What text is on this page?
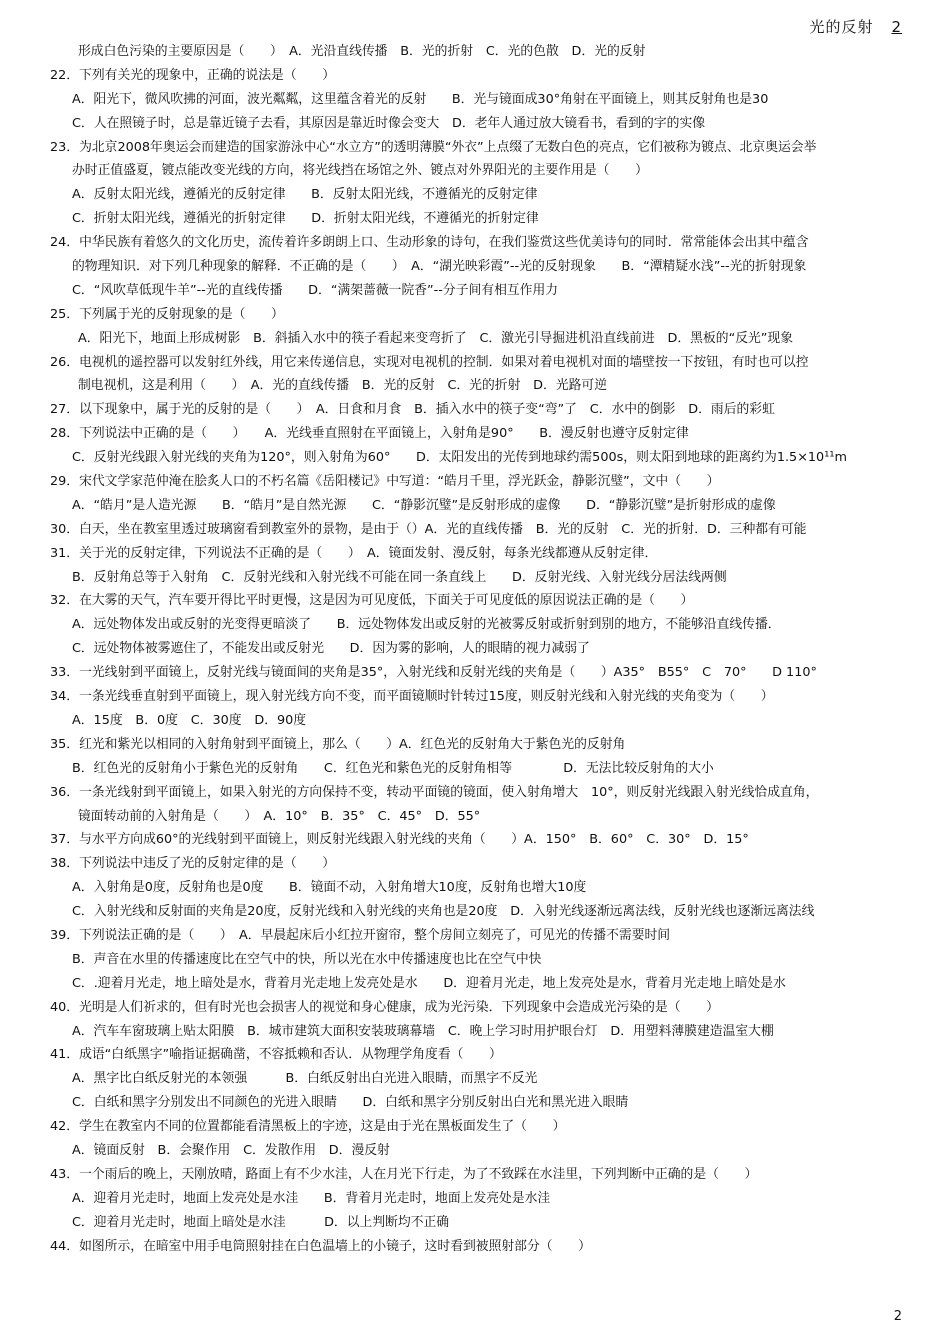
光的反射 2
形成白色污染的主要原因是（　　）　A．光沿直线传播　B．光的折射　C．光的色散　D．光的反射
22．下列有关光的现象中，正确的说法是（　　）
A．阳光下，微风吹拂的河面，波光粼粼，这里蕴含着光的反射　　B．光与镜面成30°角射在平面镜上，则其反射角也是30
C．人在照镜子时，总是靠近镜子去看，其原因是靠近时像会变大　D．老年人通过放大镜看书，看到的字的实像
23．为北京2008年奥运会而建造的国家游泳中心“水立方”的透明薄膜“外衣”上点缀了无数白色的亮点，它们被称为镀点、北京奥运会举
办时正值盛夏，镀点能改变光线的方向，将光线挡在场馆之外、镀点对外界阳光的主要作用是（　　）
A．反射太阳光线，遵循光的反射定律　　B．反射太阳光线，不遵循光的反射定律
C．折射太阳光线，遵循光的折射定律　　D．折射太阳光线，不遵循光的折射定律
24．中华民族有着悠久的文化历史，流传着许多朗朗上口、生动形象的诗句，在我们鉴赏这些优美诗句的同时．常常能体会出其中蕴含
的物理知识．对下列几种现象的解释．不正确的是（　　）　A．“湖光映彩霞”--光的反射现象　　B．“潭精疑水浅”--光的折射现象
C．“风吹草低现牛羊”--光的直线传播　　D．“满架蔷薇一院香”--分子间有相互作用力
25．下列属于光的反射现象的是（　　）
A．阳光下，地面上形成树影　B．斜插入水中的筷子看起来变弯折了　C．激光引导掘进机沿直线前进　D．黑板的“反光”现象
26．电视机的遥控器可以发射红外线，用它来传递信息，实现对电视机的控制．如果对着电视机对面的墙壁按一下按钮，有时也可以控
制电视机，这是利用（　　）　A．光的直线传播　B．光的反射　C．光的折射　D．光路可逆
27．以下现象中，属于光的反射的是（　　）　A．日食和月食　B．插入水中的筷子变“弯”了　C．水中的倒影　D．雨后的彩虹
28．下列说法中正确的是（　　）　　A．光线垂直照射在平面镜上，入射角是90°　　B．漫反射也遵守反射定律
C．反射光线跟入射光线的夹角为120°，则入射角为60°　　D．太阳发出的光传到地球约需500s，则太阳到地球的距离约为1.5×10¹¹m
29．宋代文学家范仲淹在脍炙人口的不朽名篇《岳阳楼记》中写道：“皓月千里，浮光跃金，静影沉璧”，文中（　　）
A．“皓月”是人造光源　　B．“皓月”是自然光源　　C．“静影沉璧”是反射形成的虚像　　D．“静影沉璧”是折射形成的虚像
30．白天，坐在教室里透过玻璃窗看到教室外的景物，是由于（）A．光的直线传播　B．光的反射　C．光的折射．D．三种都有可能
31．关于光的反射定律，下列说法不正确的是（　　）　A．镜面发射、漫反射，每条光线都遵从反射定律．
B．反射角总等于入射角　C．反射光线和入射光线不可能在同一条直线上　　D．反射光线、入射光线分居法线两侧
32．在大雾的天气，汽车要开得比平时更慢，这是因为可见度低，下面关于可见度低的原因说法正确的是（　　）
A．远处物体发出或反射的光变得更暗淡了　　B．远处物体发出或反射的光被雾反射或折射到别的地方，不能够沿直线传播．
C．远处物体被雾遮住了，不能发出或反射光　　D．因为雾的影响，人的眼睛的视力减弱了
33．一光线射到平面镜上，反射光线与镜面间的夹角是35°，入射光线和反射光线的夹角是（　　）A35°　B55°　C　70°　　D 110°
34．一条光线垂直射到平面镜上，现入射光线方向不变，而平面镜顺时针转过15度，则反射光线和入射光线的夹角变为（　　）
A．15度　B．0度　C．30度　D．90度
35．红光和紫光以相同的入射角射到平面镜上，那么（　　）A．红色光的反射角大于紫色光的反射角
B．红色光的反射角小于紫色光的反射角　　C．红色光和紫色光的反射角相等　　　　D．无法比较反射角的大小
36．一条光线射到平面镜上，如果入射光的方向保持不变，转动平面镜的镜面，使入射角增大　10°，则反射光线跟入射光线恰成直角，
镜面转动前的入射角是（　　）　A．10°　B．35°　C．45°　D．55°
37．与水平方向成60°的光线射到平面镜上，则反射光线跟入射光线的夹角（　　）A．150°　B．60°　C．30°　D．15°
38．下列说法中违反了光的反射定律的是（　　）
A．入射角是0度，反射角也是0度　　B．镜面不动，入射角增大10度，反射角也增大10度
C．入射光线和反射面的夹角是20度，反射光线和入射光线的夹角也是20度　D．入射光线逐渐远离法线，反射光线也逐渐远离法线
39．下列说法正确的是（　　）　A．早晨起床后小红拉开窗帘，整个房间立刻亮了，可见光的传播不需要时间
B．声音在水里的传播速度比在空气中的快，所以光在水中传播速度也比在空气中快
C．.迎着月光走，地上暗处是水，背着月光走地上发亮处是水　　D．迎着月光走，地上发亮处是水，背着月光走地上暗处是水
40．光明是人们祈求的，但有时光也会损害人的视觉和身心健康，成为光污染．下列现象中会造成光污染的是（　　）
A．汽车车窗玻璃上贴太阳膜　B．城市建筑大面积安装玻璃幕墙　C．晚上学习时用护眼台灯　D．用塑料薄膜建造温室大棚
41．成语“白纸黑字”喻指证据确凿，不容抵赖和否认．从物理学角度看（　　）
A．黑字比白纸反射光的本领强　　　B．白纸反射出白光进入眼睛，而黑字不反光
C．白纸和黑字分别发出不同颜色的光进入眼睛　　D．白纸和黑字分别反射出白光和黑光进入眼睛
42．学生在教室内不同的位置都能看清黑板上的字迹，这是由于光在黑板面发生了（　　）
A．镜面反射　B．会聚作用　C．发散作用　D．漫反射
43．一个雨后的晚上，天刚放晴，路面上有不少水洼，人在月光下行走，为了不致踩在水洼里，下列判断中正确的是（　　）
A．迎着月光走时，地面上发亮处是水洼　　B．背着月光走时，地面上发亮处是水洼
C．迎着月光走时，地面上暗处是水洼　　　D．以上判断均不正确
44．如图所示，在暗室中用手电筒照射挂在白色温墙上的小镜子，这时看到被照射部分（　　）
2
